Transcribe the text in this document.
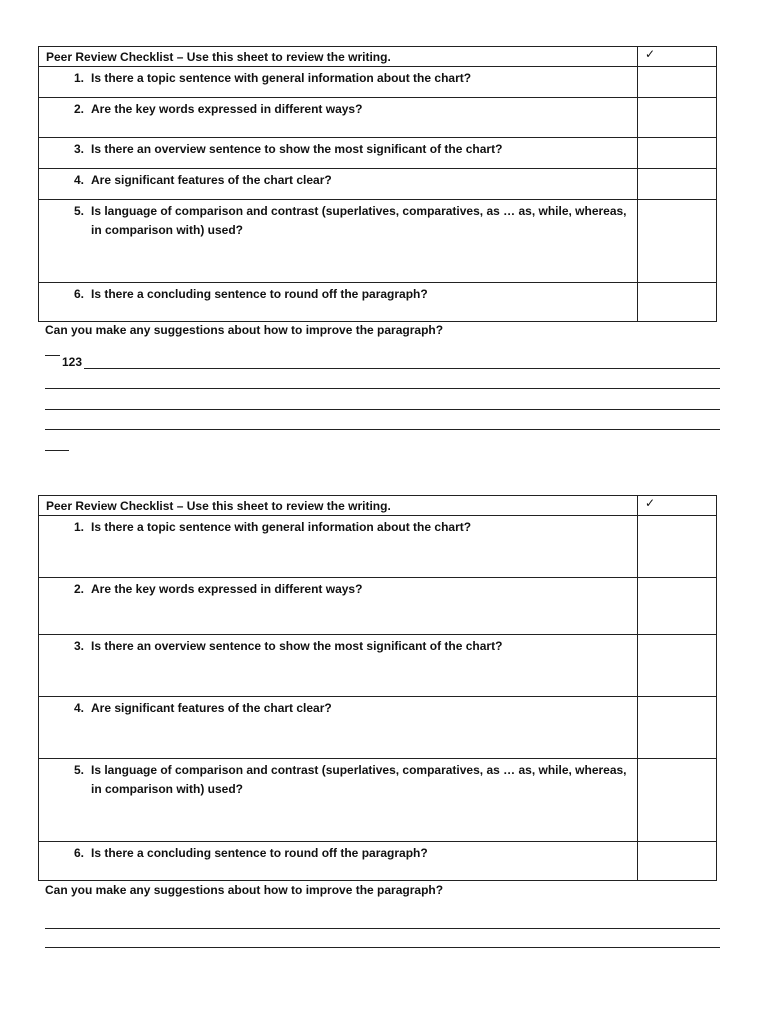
Peer Review Checklist – Use this sheet to review the writing.	✓

1. Is there a topic sentence with general information about the chart?	

2. Are the key words expressed in different ways?	

3. Is there an overview sentence to show the most significant of the chart?	

4. Are significant features of the chart clear?	

5. Is language of comparison and contrast (superlatives, comparatives, as … as, while, whereas, in comparison with) used?	

6. Is there a concluding sentence to round off the paragraph?	

Can you make any suggestions about how to improve the paragraph?
123
Peer Review Checklist – Use this sheet to review the writing.	✓

1. Is there a topic sentence with general information about the chart?	

2. Are the key words expressed in different ways?	

3. Is there an overview sentence to show the most significant of the chart?	

4. Are significant features of the chart clear?	

5. Is language of comparison and contrast (superlatives, comparatives, as … as, while, whereas, in comparison with) used?	

6. Is there a concluding sentence to round off the paragraph?	

Can you make any suggestions about how to improve the paragraph?
